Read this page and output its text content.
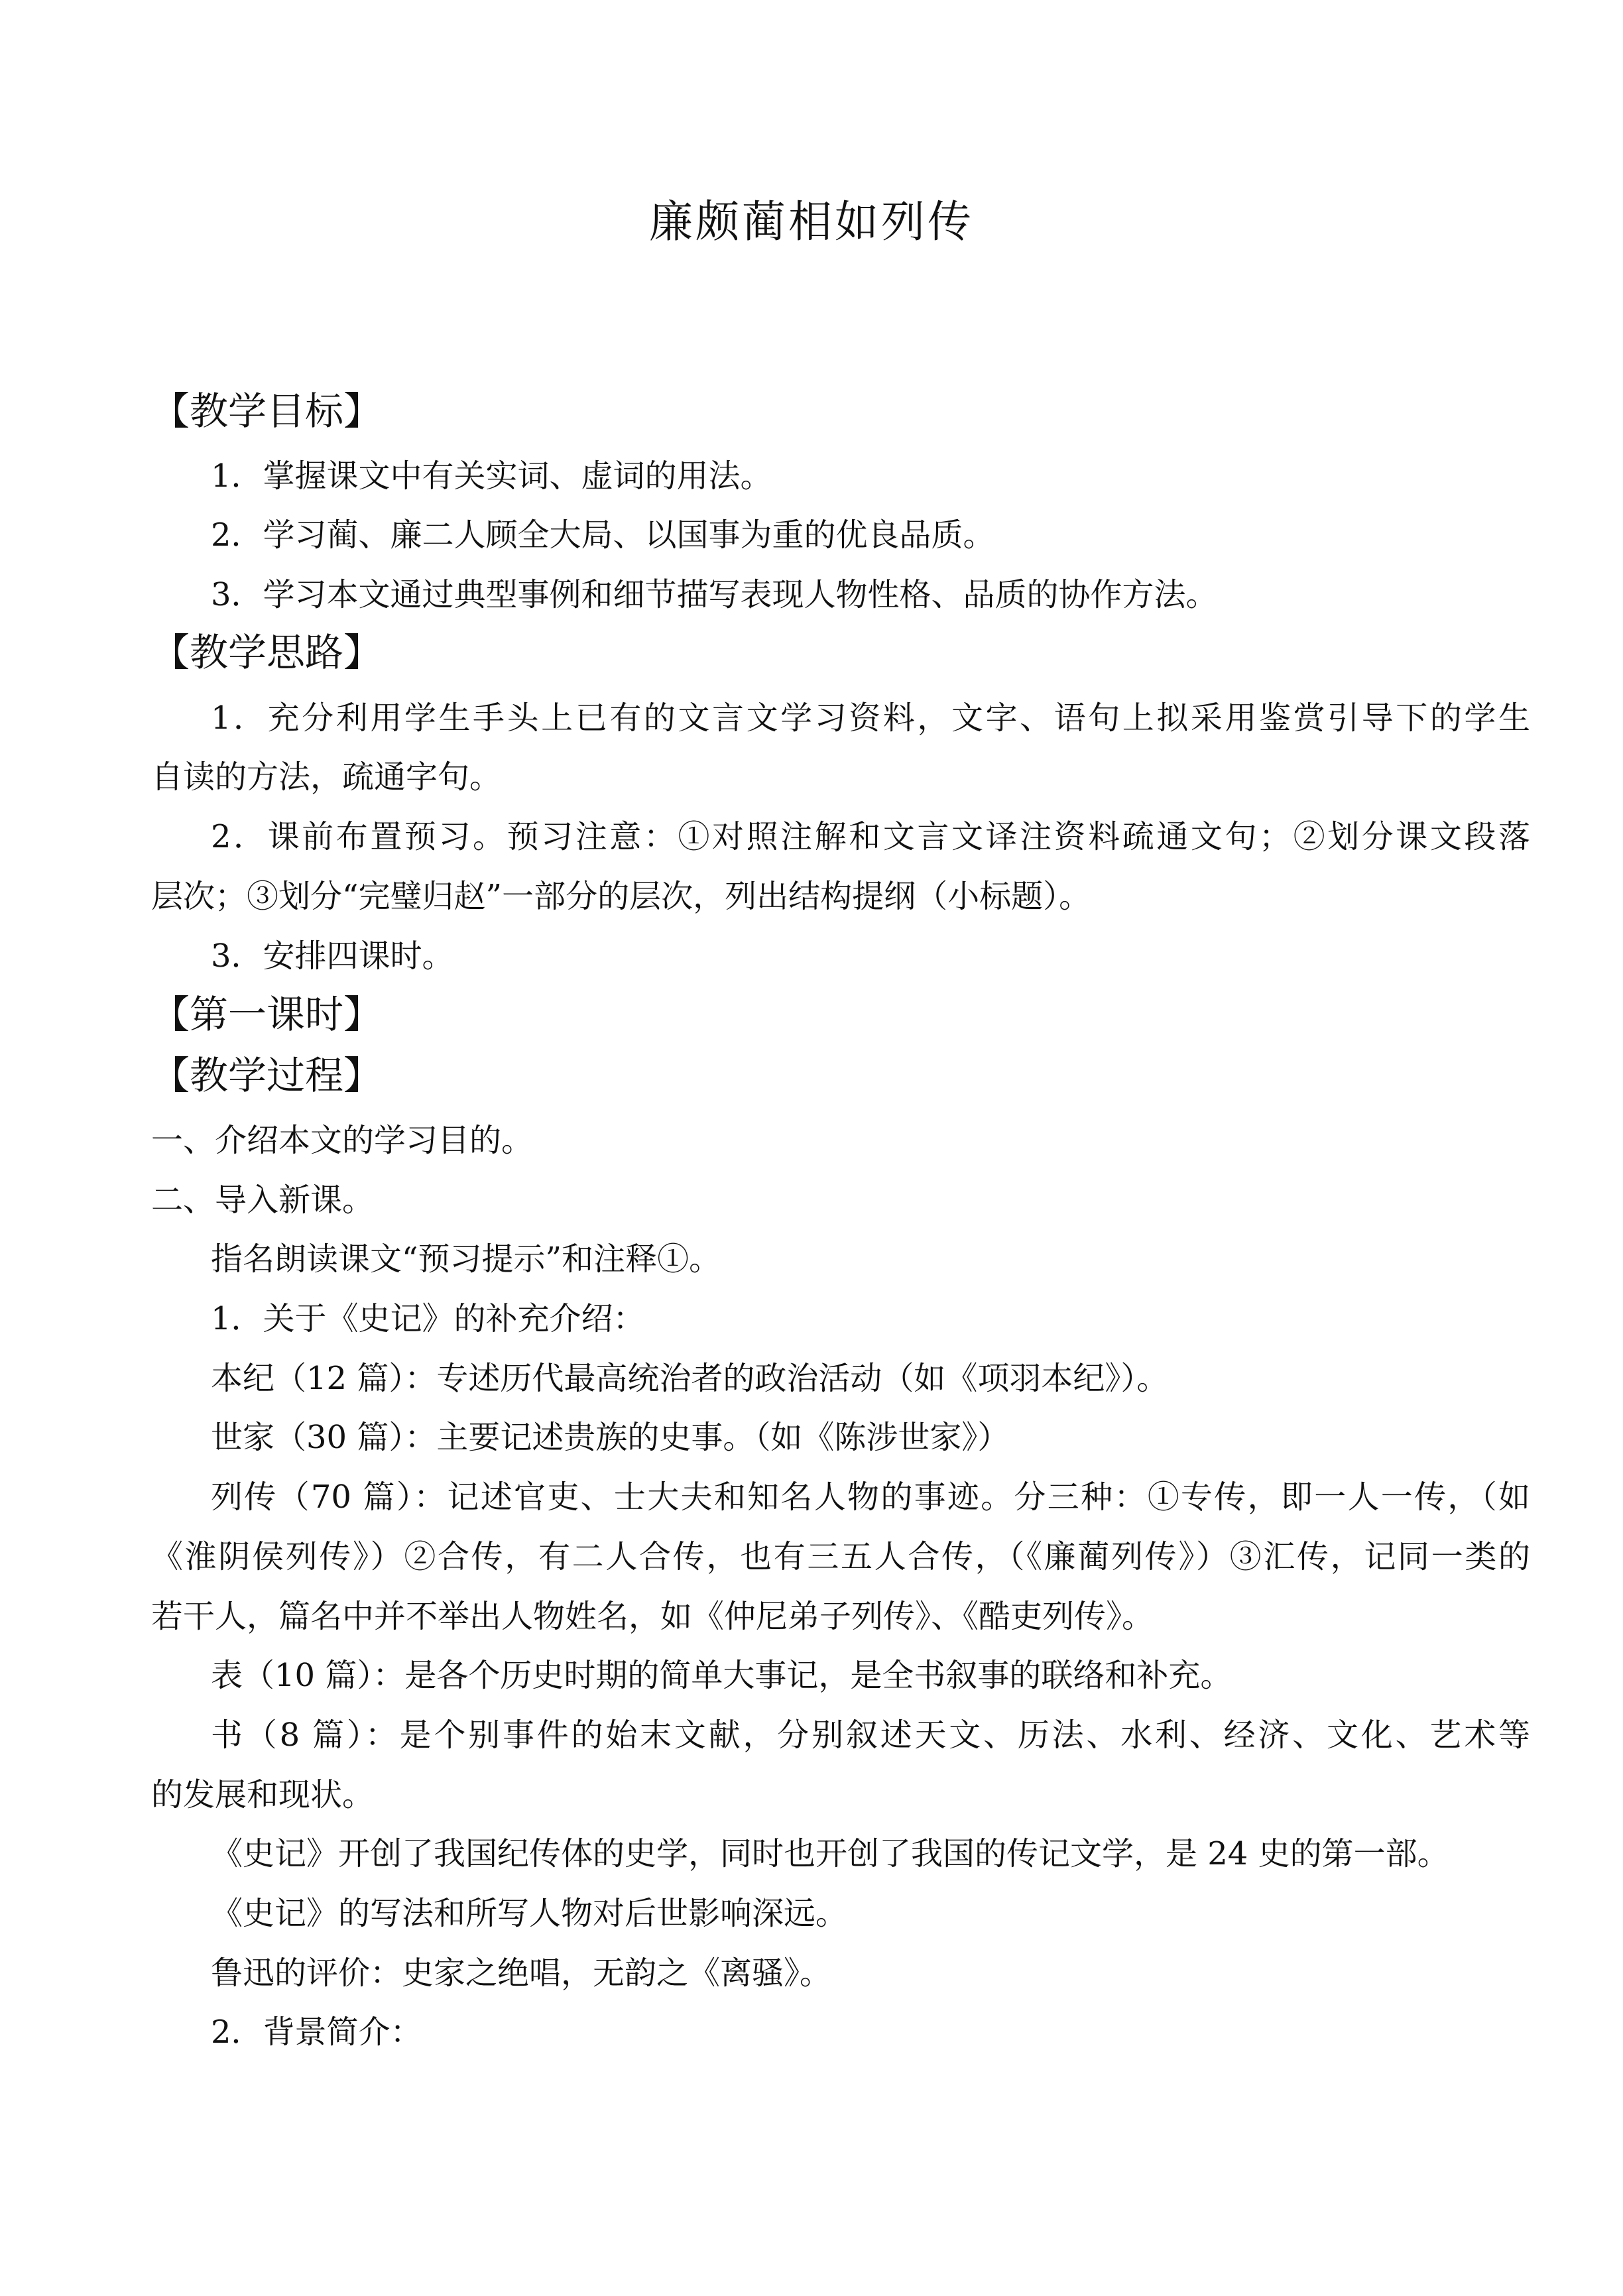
廉颇蔺相如列传
【教学目标】
1．掌握课文中有关实词、虚词的用法。
2．学习蔺、廉二人顾全大局、以国事为重的优良品质。
3．学习本文通过典型事例和细节描写表现人物性格、品质的协作方法。
【教学思路】
1．充分利用学生手头上已有的文言文学习资料，文字、语句上拟采用鉴赏引导下的学生
自读的方法，疏通字句。
2．课前布置预习。预习注意：①对照注解和文言文译注资料疏通文句；②划分课文段落
层次；③划分“完璧归赵”一部分的层次，列出结构提纲（小标题）。
3．安排四课时。
【第一课时】
【教学过程】
一、介绍本文的学习目的。
二、导入新课。
指名朗读课文“预习提示”和注释①。
1．关于《史记》的补充介绍：
本纪（12 篇）：专述历代最高统治者的政治活动（如《项羽本纪》）。
世家（30 篇）：主要记述贵族的史事。（如《陈涉世家》）
列传（70 篇）：记述官吏、士大夫和知名人物的事迹。分三种：①专传，即一人一传，（如
《淮阴侯列传》）②合传，有二人合传，也有三五人合传，（《廉蔺列传》）③汇传，记同一类的
若干人，篇名中并不举出人物姓名，如《仲尼弟子列传》、《酷吏列传》。
表（10 篇）：是各个历史时期的简单大事记，是全书叙事的联络和补充。
书（8 篇）：是个别事件的始末文献，分别叙述天文、历法、水利、经济、文化、艺术等
的发展和现状。
《史记》开创了我国纪传体的史学，同时也开创了我国的传记文学，是 24 史的第一部。
《史记》的写法和所写人物对后世影响深远。
鲁迅的评价：史家之绝唱，无韵之《离骚》。
2．背景简介：
